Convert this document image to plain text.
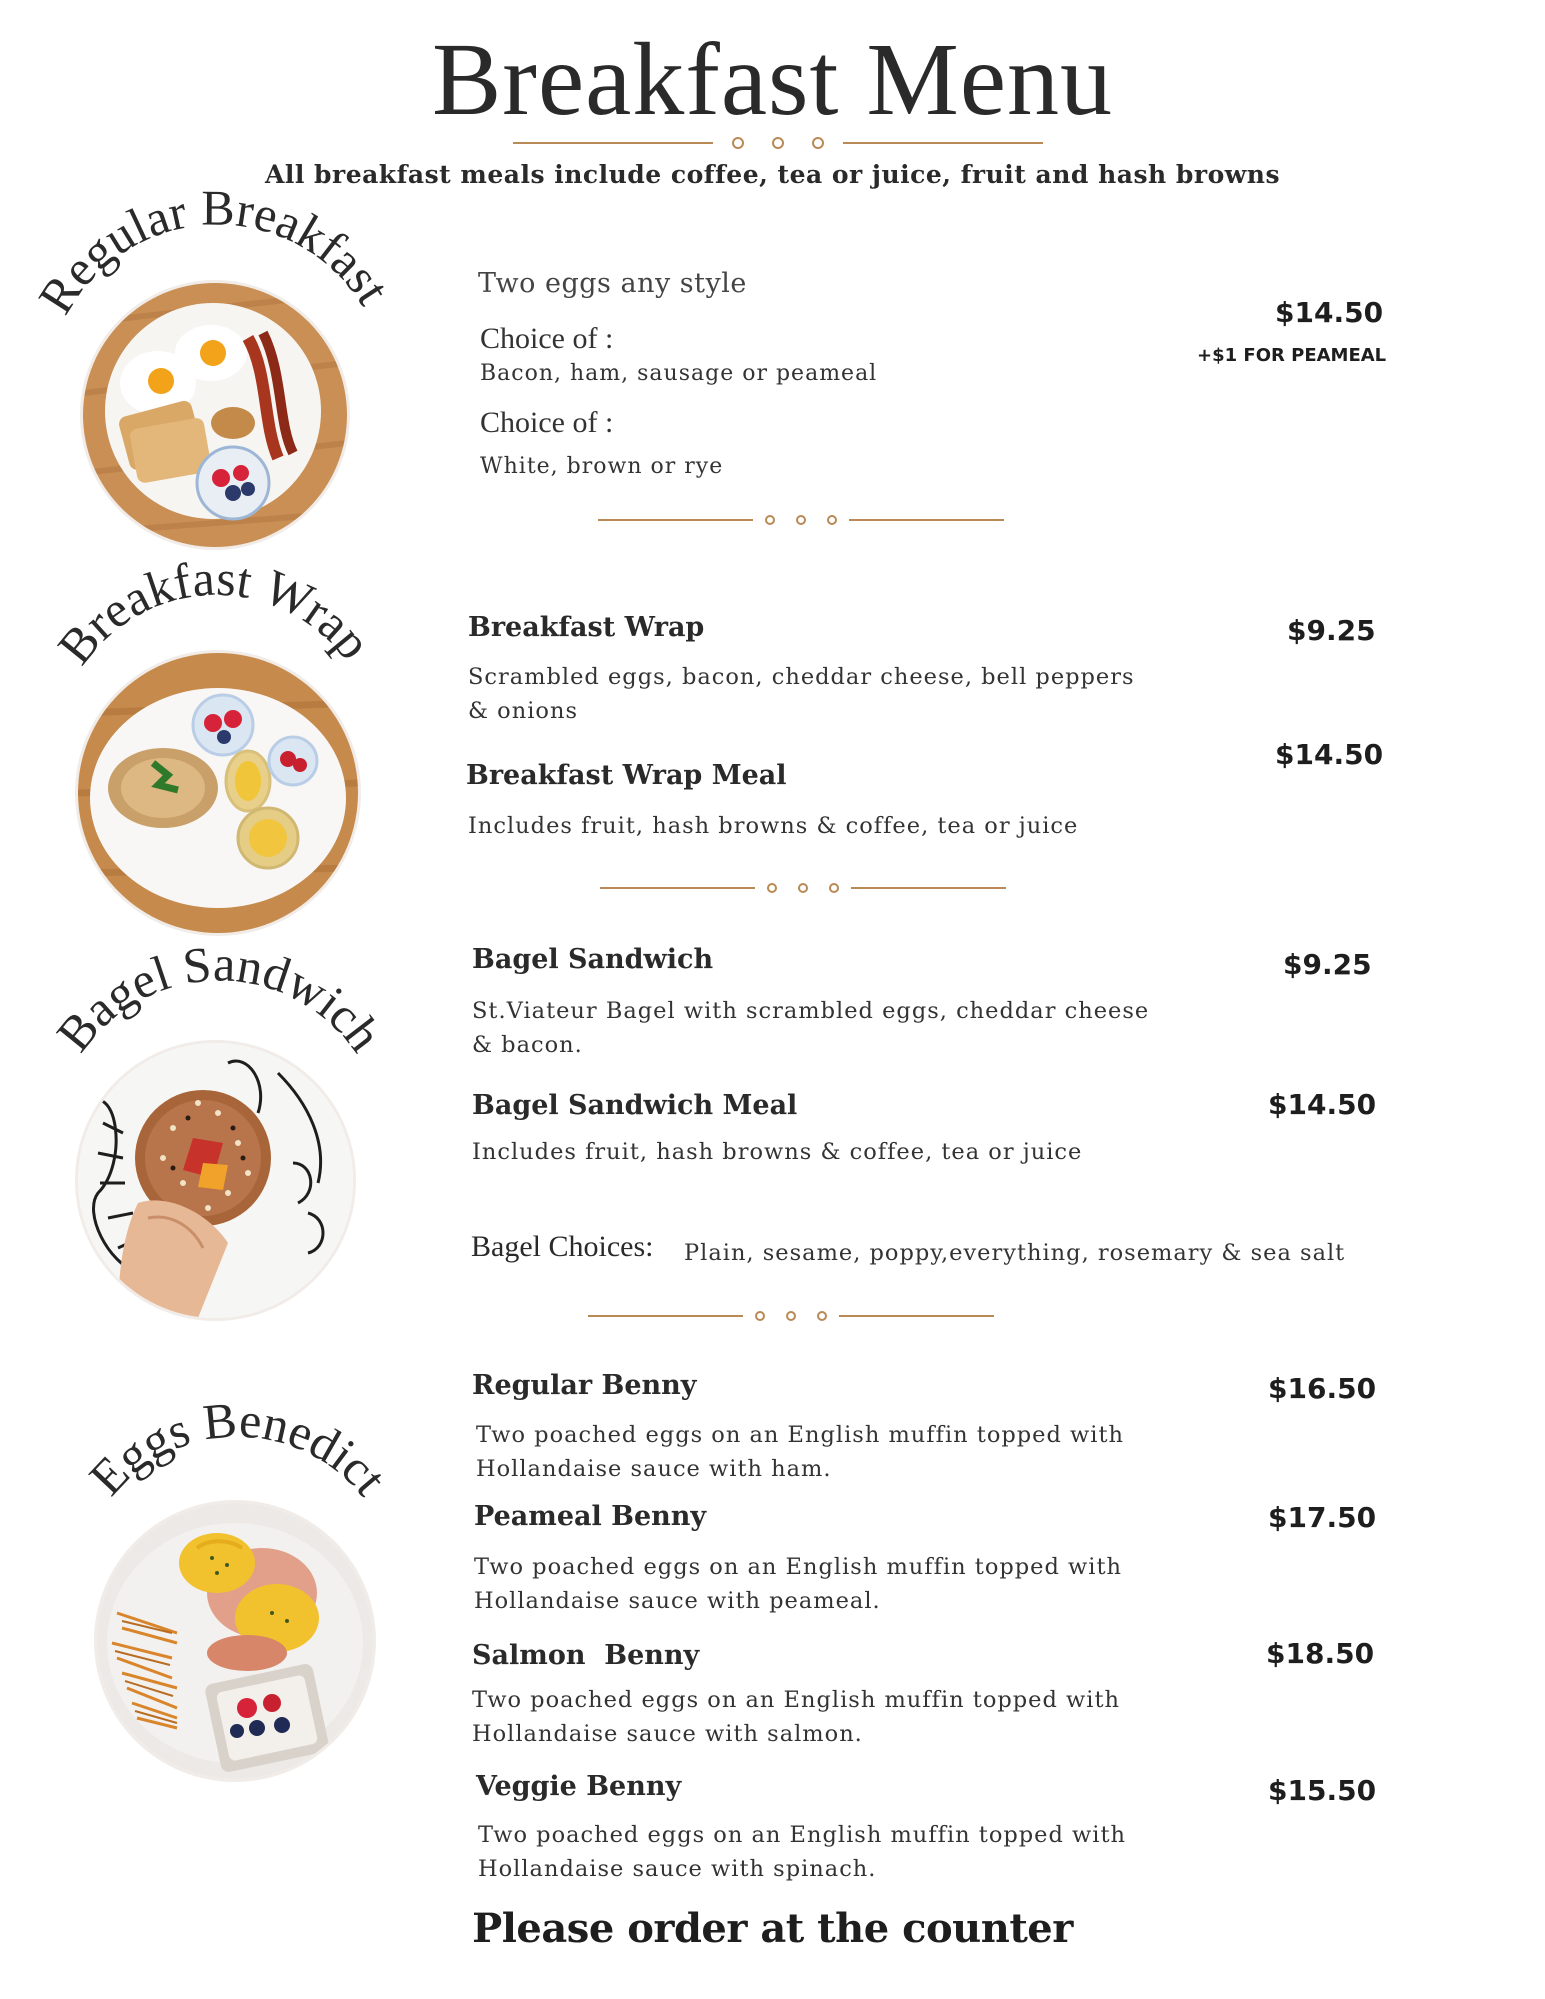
Breakfast Menu
All breakfast meals include coffee, tea or juice, fruit and hash browns
Regular Breakfast	Two eggs any style
Choice of :
Bacon, ham, sausage or peameal
Choice of :
White, brown or rye
$14.50
+$1 FOR PEAMEAL
Breakfast Wrap	Breakfast Wrap
Scrambled eggs, bacon, cheddar cheese, bell peppers & onions
$9.25
Breakfast Wrap Meal
Includes fruit, hash browns & coffee, tea or juice
$14.50
Bagel Sandwich
Bagel Sandwich
St.Viateur Bagel with scrambled eggs, cheddar cheese & bacon.
$9.25
Bagel Sandwich Meal
Includes fruit, hash browns & coffee, tea or juice
$14.50
Bagel Choices: Plain, sesame, poppy,everything, rosemary & sea salt
Eggs Benedict
Regular Benny
Two poached eggs on an English muffin topped with Hollandaise sauce with ham.
$16.50
Peameal Benny
Two poached eggs on an English muffin topped with Hollandaise sauce with peameal.
$17.50
Salmon  Benny
Two poached eggs on an English muffin topped with Hollandaise sauce with salmon.
$18.50
Veggie Benny
Two poached eggs on an English muffin topped with Hollandaise sauce with spinach.
$15.50
Please order at the counter
